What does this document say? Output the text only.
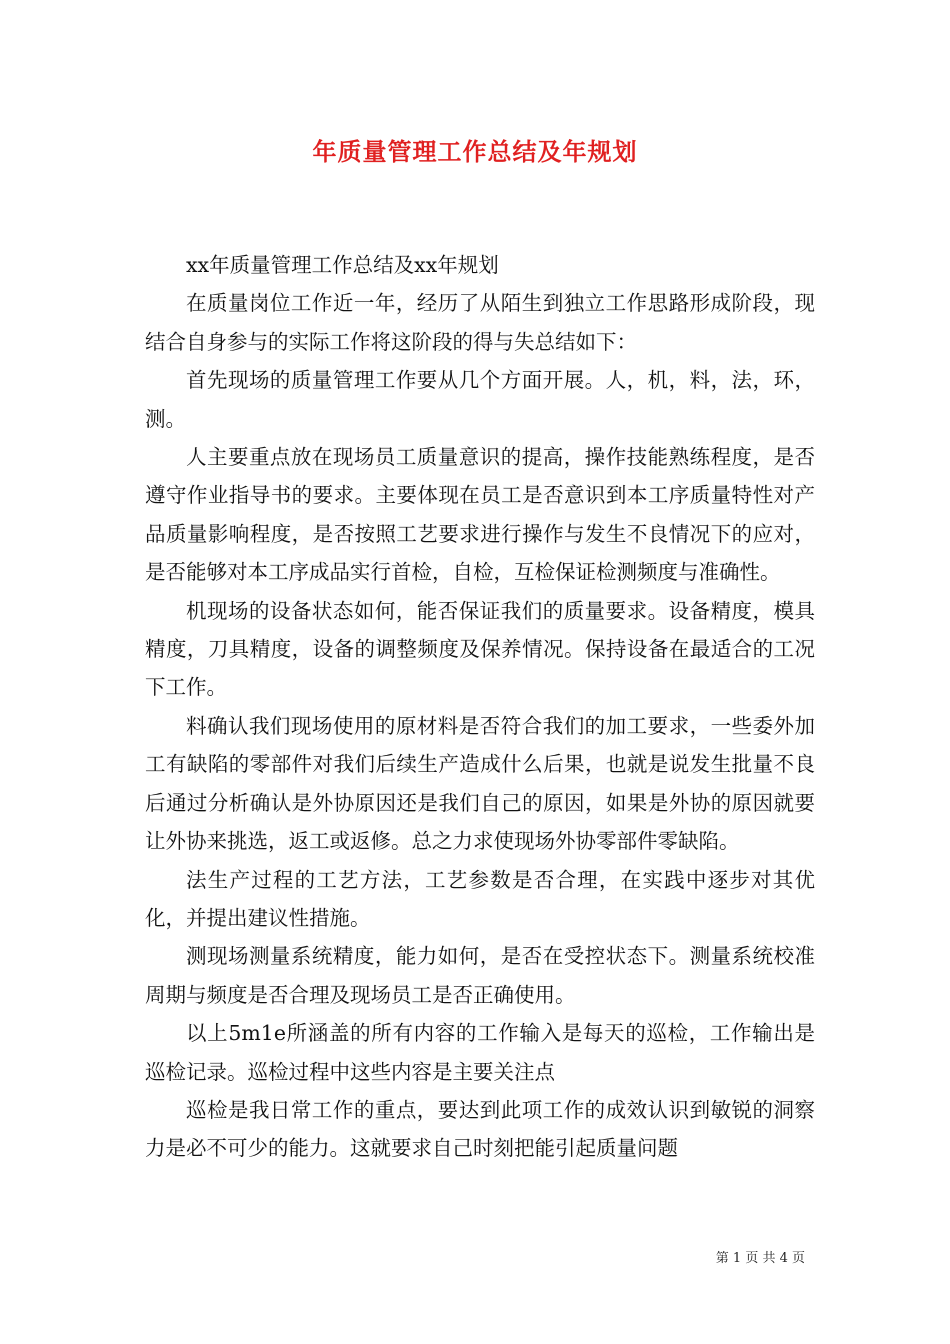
年质量管理工作总结及年规划

xx年质量管理工作总结及xx年规划

在质量岗位工作近一年，经历了从陌生到独立工作思路形成阶段，现结合自身参与的实际工作将这阶段的得与失总结如下：

首先现场的质量管理工作要从几个方面开展。人，机，料，法，环，测。

人主要重点放在现场员工质量意识的提高，操作技能熟练程度，是否遵守作业指导书的要求。主要体现在员工是否意识到本工序质量特性对产品质量影响程度，是否按照工艺要求进行操作与发生不良情况下的应对，是否能够对本工序成品实行首检，自检，互检保证检测频度与准确性。

机现场的设备状态如何，能否保证我们的质量要求。设备精度，模具精度，刀具精度，设备的调整频度及保养情况。保持设备在最适合的工况下工作。

料确认我们现场使用的原材料是否符合我们的加工要求，一些委外加工有缺陷的零部件对我们后续生产造成什么后果，也就是说发生批量不良后通过分析确认是外协原因还是我们自己的原因，如果是外协的原因就要让外协来挑选，返工或返修。总之力求使现场外协零部件零缺陷。

法生产过程的工艺方法，工艺参数是否合理，在实践中逐步对其优化，并提出建议性措施。

测现场测量系统精度，能力如何，是否在受控状态下。测量系统校准周期与频度是否合理及现场员工是否正确使用。

以上5m1e所涵盖的所有内容的工作输入是每天的巡检，工作输出是巡检记录。巡检过程中这些内容是主要关注点

巡检是我日常工作的重点，要达到此项工作的成效认识到敏锐的洞察力是必不可少的能力。这就要求自己时刻把能引起质量问题

第 1 页 共 4 页
